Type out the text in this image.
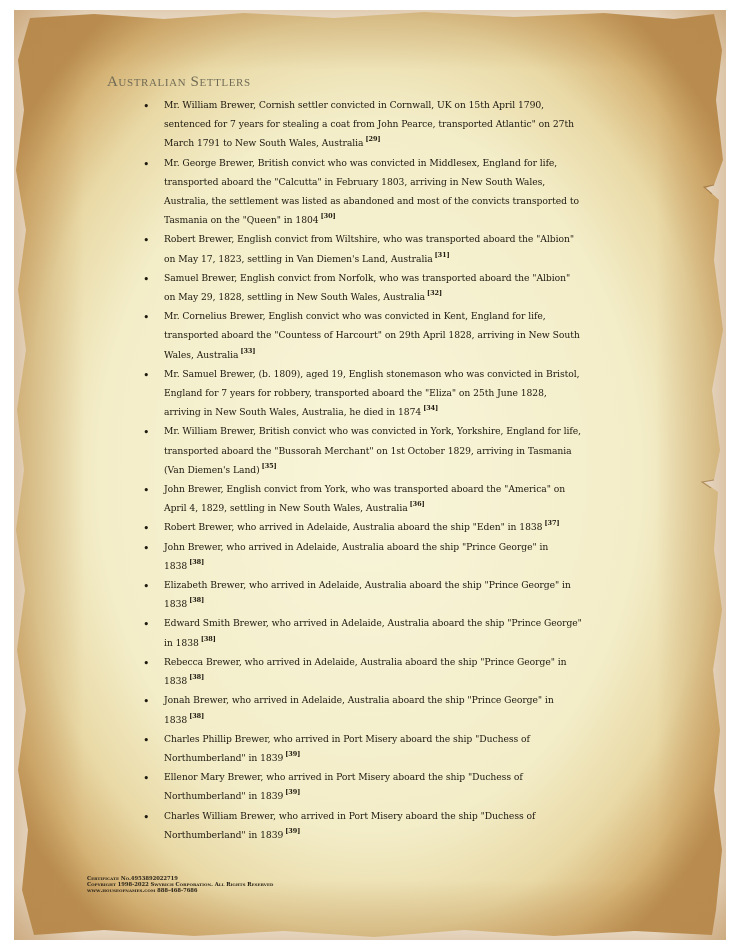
Australian Settlers
• Mr. William Brewer, Cornish settler convicted in Cornwall, UK on 15th April 1790, sentenced for 7 years for stealing a coat from John Pearce, transported Atlantic" on 27th March 1791 to New South Wales, Australia [29]
• Mr. George Brewer, British convict who was convicted in Middlesex, England for life, transported aboard the "Calcutta" in February 1803, arriving in New South Wales, Australia, the settlement was listed as abandoned and most of the convicts transported to Tasmania on the "Queen" in 1804 [30]
• Robert Brewer, English convict from Wiltshire, who was transported aboard the "Albion" on May 17, 1823, settling in Van Diemen's Land, Australia [31]
• Samuel Brewer, English convict from Norfolk, who was transported aboard the "Albion" on May 29, 1828, settling in New South Wales, Australia [32]
• Mr. Cornelius Brewer, English convict who was convicted in Kent, England for life, transported aboard the "Countess of Harcourt" on 29th April 1828, arriving in New South Wales, Australia [33]
• Mr. Samuel Brewer, (b. 1809), aged 19, English stonemason who was convicted in Bristol, England for 7 years for robbery, transported aboard the "Eliza" on 25th June 1828, arriving in New South Wales, Australia, he died in 1874 [34]
• Mr. William Brewer, British convict who was convicted in York, Yorkshire, England for life, transported aboard the "Bussorah Merchant" on 1st October 1829, arriving in Tasmania (Van Diemen's Land) [35]
• John Brewer, English convict from York, who was transported aboard the "America" on April 4, 1829, settling in New South Wales, Australia [36]
• Robert Brewer, who arrived in Adelaide, Australia aboard the ship "Eden" in 1838 [37]
• John Brewer, who arrived in Adelaide, Australia aboard the ship "Prince George" in 1838 [38]
• Elizabeth Brewer, who arrived in Adelaide, Australia aboard the ship "Prince George" in 1838 [38]
• Edward Smith Brewer, who arrived in Adelaide, Australia aboard the ship "Prince George" in 1838 [38]
• Rebecca Brewer, who arrived in Adelaide, Australia aboard the ship "Prince George" in 1838 [38]
• Jonah Brewer, who arrived in Adelaide, Australia aboard the ship "Prince George" in 1838 [38]
• Charles Phillip Brewer, who arrived in Port Misery aboard the ship "Duchess of Northumberland" in 1839 [39]
• Ellenor Mary Brewer, who arrived in Port Misery aboard the ship "Duchess of Northumberland" in 1839 [39]
• Charles William Brewer, who arrived in Port Misery aboard the ship "Duchess of Northumberland" in 1839 [39]
Certificate No.4953892022719
Copyright 1998-2022 Swyrich Corporation. All Rights Reserved
www.houseofnames.com 888-468-7686
